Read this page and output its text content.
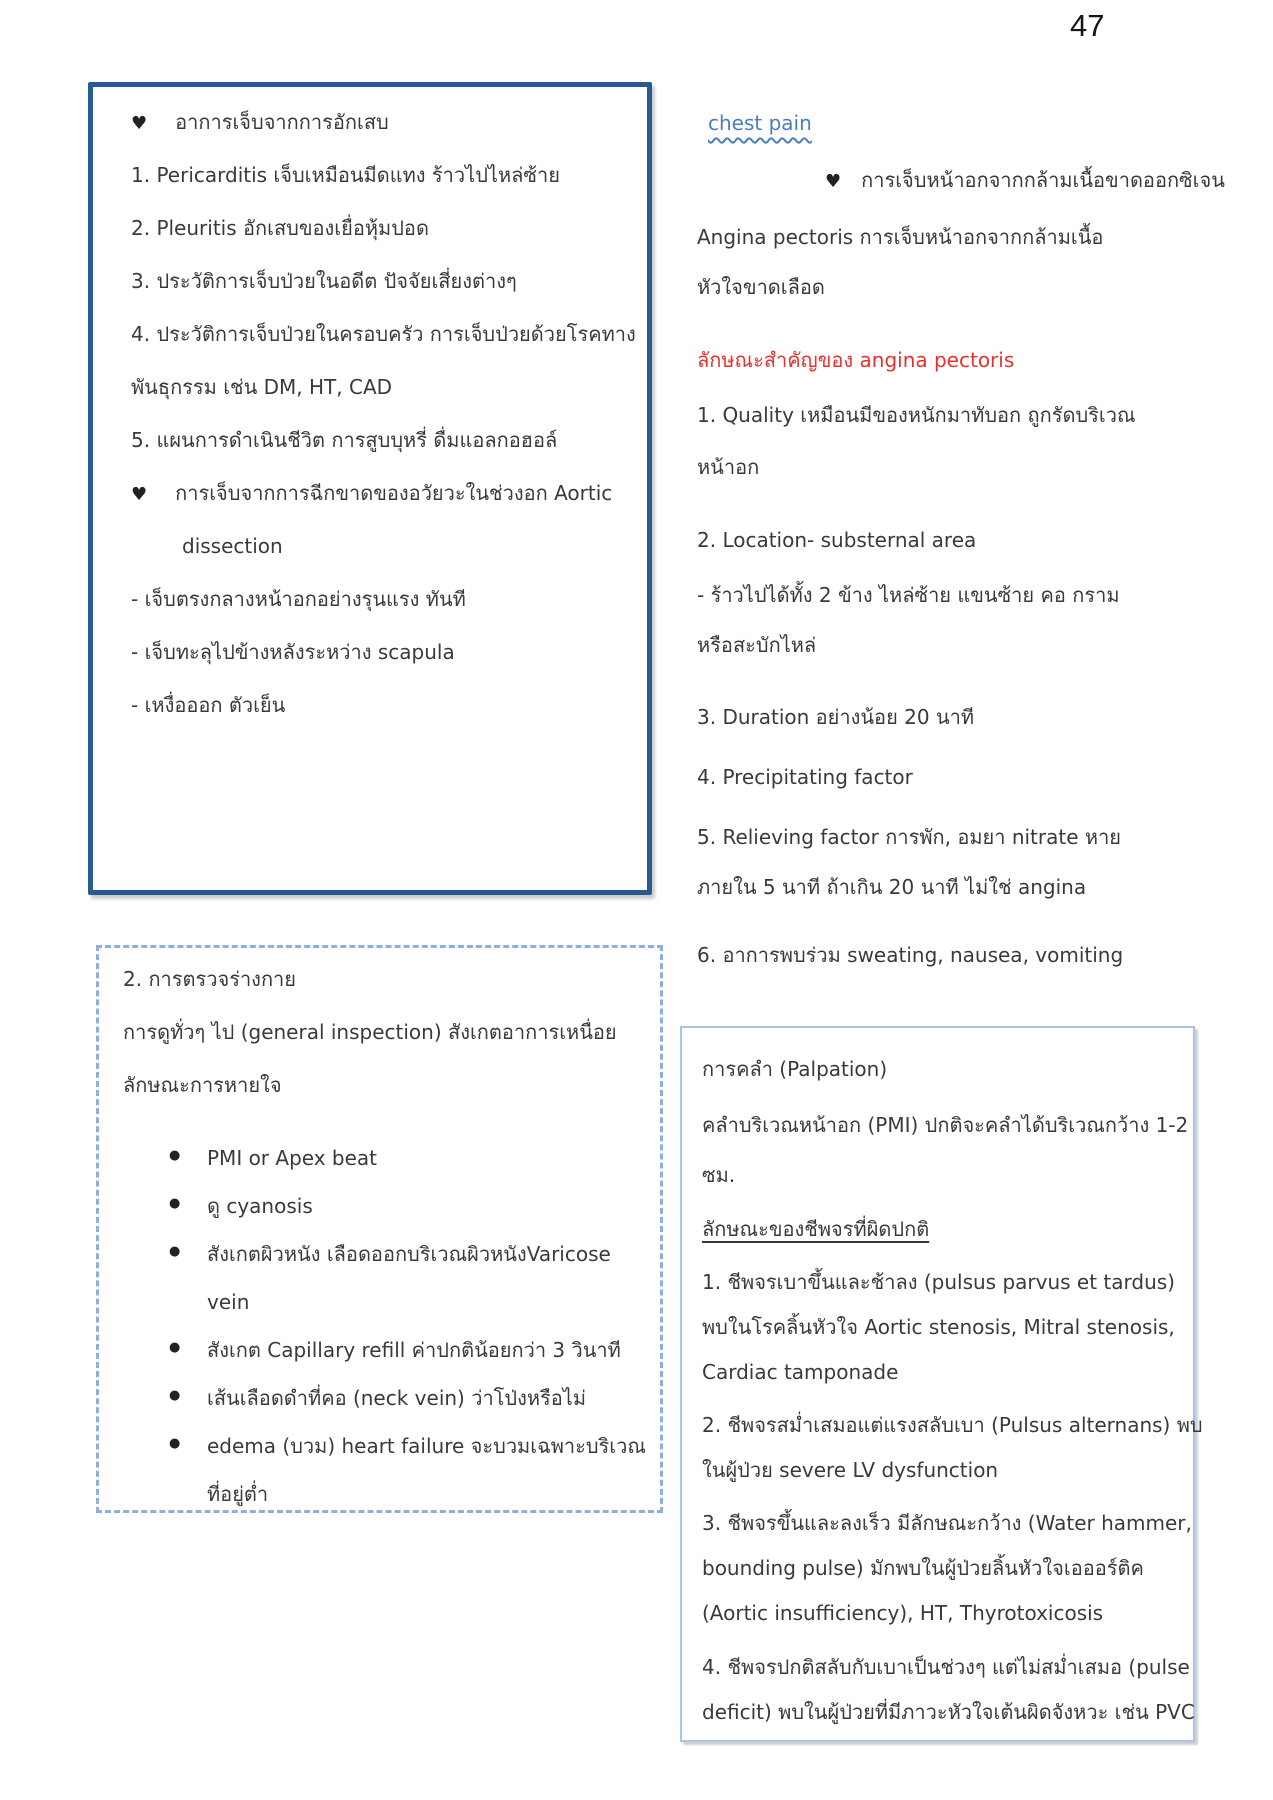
47
♥ อาการเจ็บจากการอักเสบ
1. Pericarditis เจ็บเหมือนมีดแทง ร้าวไปไหล่ซ้าย
2. Pleuritis อักเสบของเยื่อหุ้มปอด
3. ประวัติการเจ็บป่วยในอดีต ปัจจัยเสี่ยงต่างๆ
4. ประวัติการเจ็บป่วยในครอบครัว การเจ็บป่วยด้วยโรคทาง
พันธุกรรม เช่น DM, HT, CAD
5. แผนการดำเนินชีวิต การสูบบุหรี่ ดื่มแอลกอฮอล์
♥ การเจ็บจากการฉีกขาดของอวัยวะในช่วงอก Aortic
dissection
- เจ็บตรงกลางหน้าอกอย่างรุนแรง ทันที
- เจ็บทะลุไปข้างหลังระหว่าง scapula
- เหงื่อออก ตัวเย็น
2. การตรวจร่างกาย
การดูทั่วๆ ไป (general inspection) สังเกตอาการเหนื่อย
ลักษณะการหายใจ
● PMI or Apex beat
● ดู cyanosis
● สังเกตผิวหนัง เลือดออกบริเวณผิวหนังVaricose
vein
● สังเกต Capillary refill ค่าปกติน้อยกว่า 3 วินาที
● เส้นเลือดดำที่คอ (neck vein) ว่าโป่งหรือไม่
● edema (บวม) heart failure จะบวมเฉพาะบริเวณ
ที่อยู่ต่ำ
chest pain
♥ การเจ็บหน้าอกจากกล้ามเนื้อขาดออกซิเจน
Angina pectoris การเจ็บหน้าอกจากกล้ามเนื้อ
หัวใจขาดเลือด
ลักษณะสำคัญของ angina pectoris
1. Quality เหมือนมีของหนักมาทับอก ถูกรัดบริเวณ
หน้าอก
2. Location- substernal area
- ร้าวไปได้ทั้ง 2 ข้าง ไหล่ซ้าย แขนซ้าย คอ กราม
หรือสะบักไหล่
3. Duration อย่างน้อย 20 นาที
4. Precipitating factor
5. Relieving factor การพัก, อมยา nitrate หาย
ภายใน 5 นาที ถ้าเกิน 20 นาที ไม่ใช่ angina
6. อาการพบร่วม sweating, nausea, vomiting
การคลำ (Palpation)
คลำบริเวณหน้าอก (PMI) ปกติจะคลำได้บริเวณกว้าง 1-2
ซม.
ลักษณะของชีพจรที่ผิดปกติ
1. ชีพจรเบาขึ้นและช้าลง (pulsus parvus et tardus)
พบในโรคลิ้นหัวใจ Aortic stenosis, Mitral stenosis,
Cardiac tamponade
2. ชีพจรสม่ำเสมอแต่แรงสลับเบา (Pulsus alternans) พบ
ในผู้ป่วย severe LV dysfunction
3. ชีพจรขึ้นและลงเร็ว มีลักษณะกว้าง (Water hammer,
bounding pulse) มักพบในผู้ป่วยลิ้นหัวใจเอออร์ติค
(Aortic insufficiency), HT, Thyrotoxicosis
4. ชีพจรปกติสลับกับเบาเป็นช่วงๆ แต่ไม่สม่ำเสมอ (pulse
deficit) พบในผู้ป่วยที่มีภาวะหัวใจเต้นผิดจังหวะ เช่น PVC
